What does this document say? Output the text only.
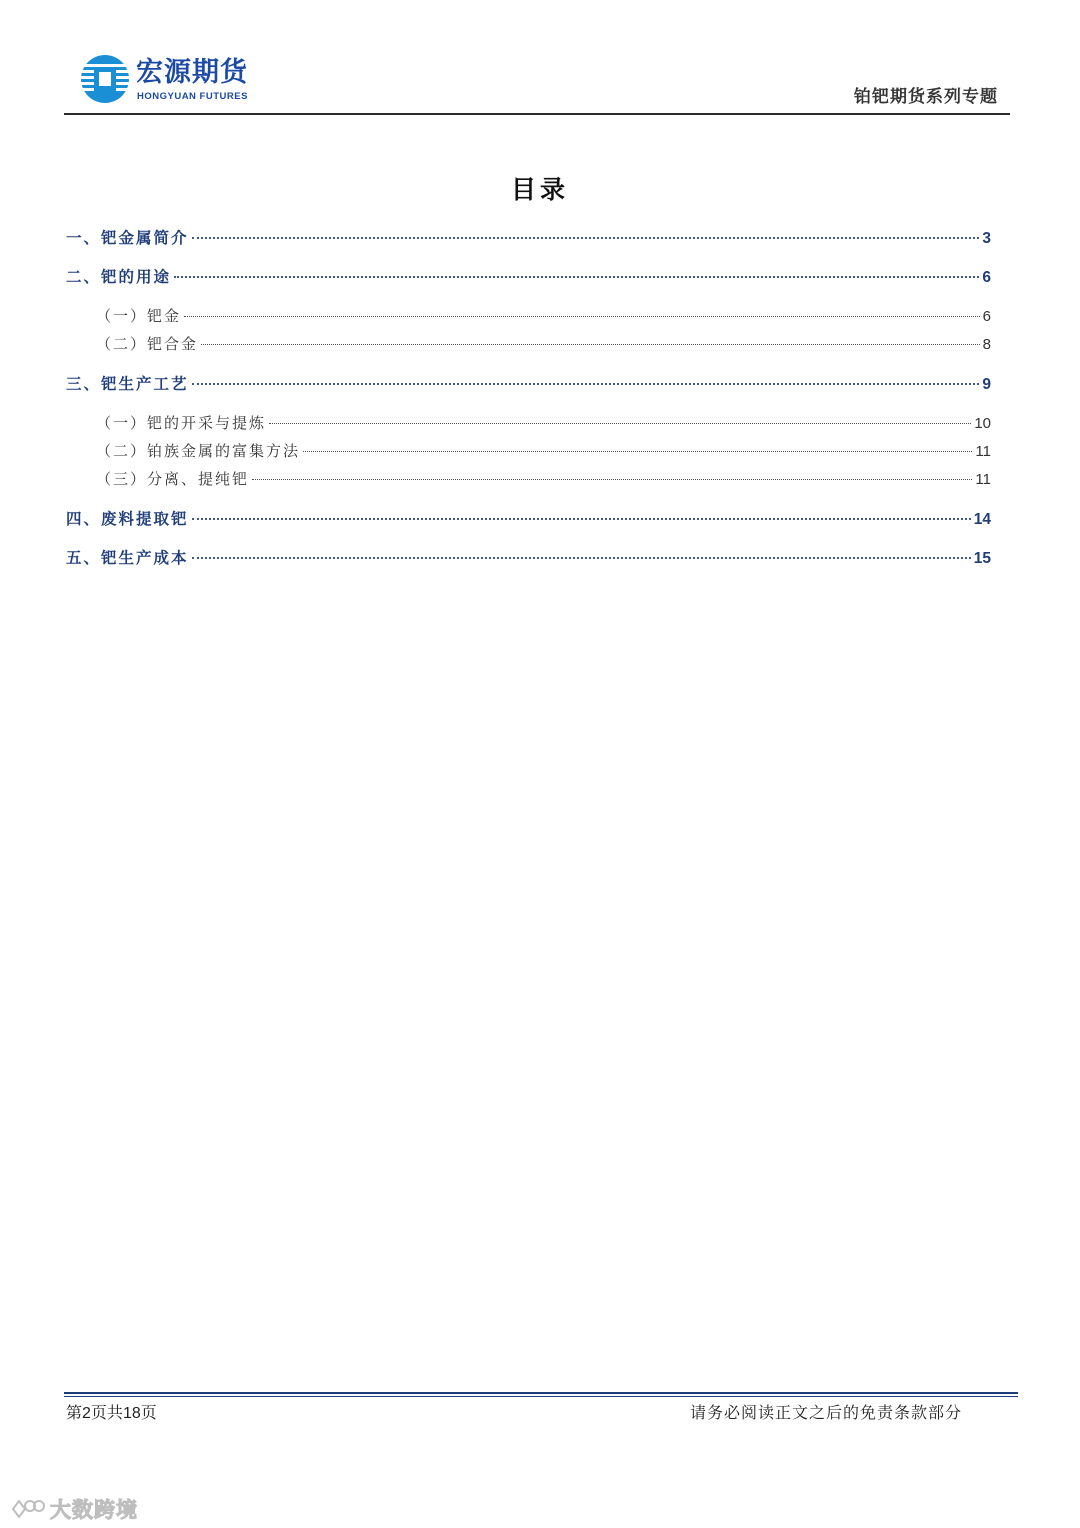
宏源期货
HONGYUAN FUTURES	铂钯期货系列专题
目录
一、钯金属简介	3
二、钯的用途	6
（一）钯金	6
（二）钯合金	8
三、钯生产工艺	9
（一）钯的开采与提炼	10
（二）铂族金属的富集方法	11
（三）分离、提纯钯	11
四、废料提取钯	14
五、钯生产成本	15
第2页共18页	请务必阅读正文之后的免责条款部分
大数跨境
